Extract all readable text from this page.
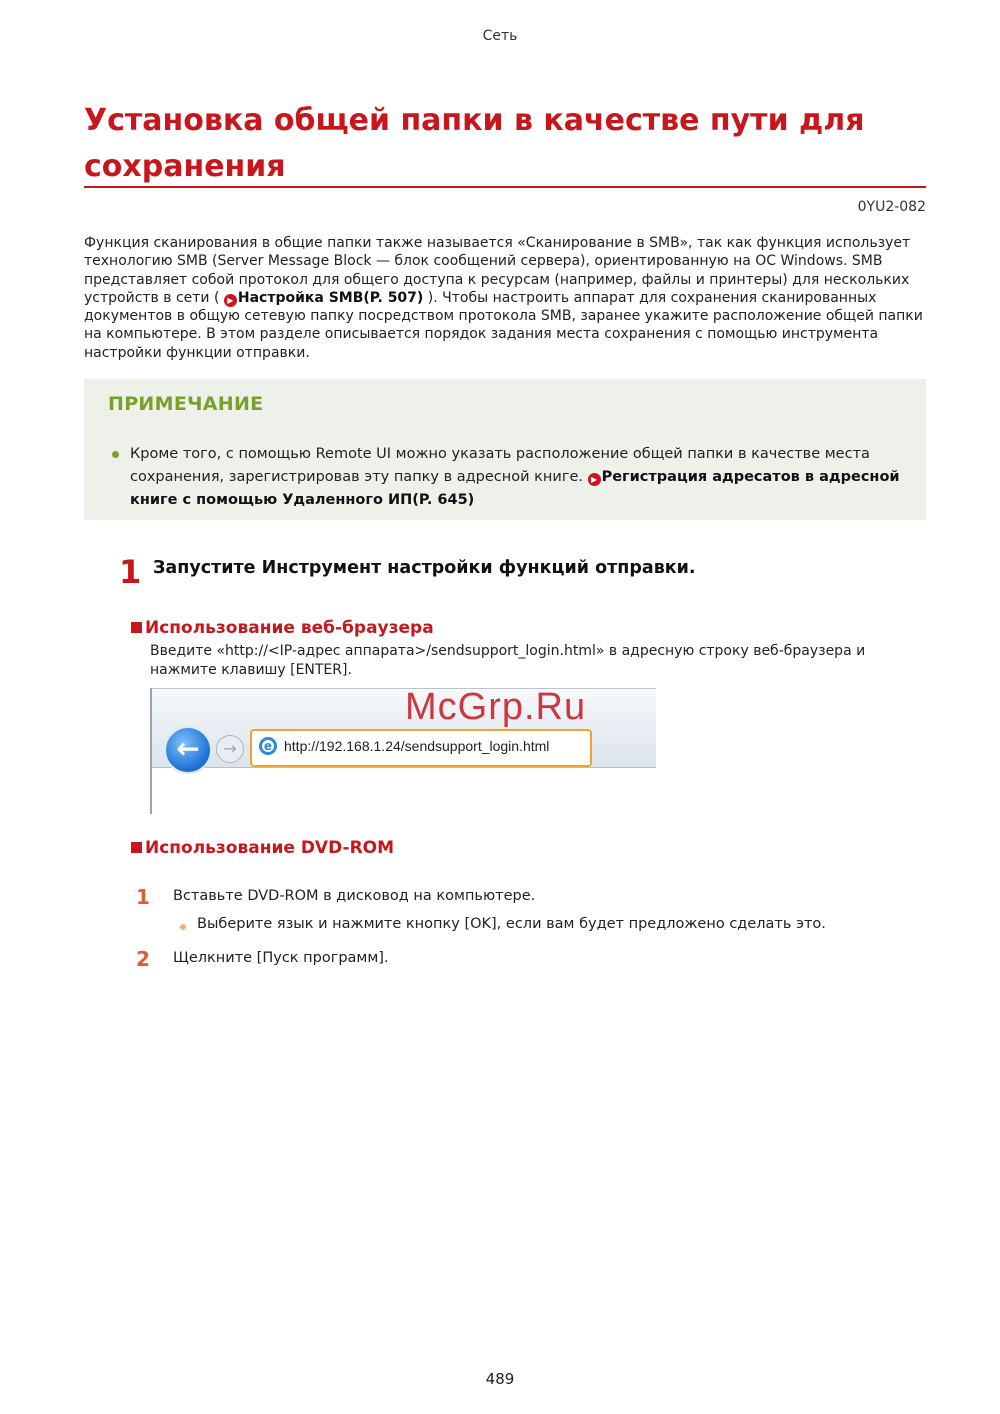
Сеть
Установка общей папки в качестве пути для
сохранения
0YU2-082

Функция сканирования в общие папки также называется «Сканирование в SMB», так как функция использует технологию SMB (Server Message Block — блок сообщений сервера), ориентированную на ОС Windows. SMB представляет собой протокол для общего доступа к ресурсам (например, файлы и принтеры) для нескольких устройств в сети ( ▶ Настройка SMB(P. 507) ). Чтобы настроить аппарат для сохранения сканированных документов в общую сетевую папку посредством протокола SMB, заранее укажите расположение общей папки на компьютере. В этом разделе описывается порядок задания места сохранения с помощью инструмента настройки функции отправки.

ПРИМЕЧАНИЕ

Кроме того, с помощью Remote UI можно указать расположение общей папки в качестве места сохранения, зарегистрировав эту папку в адресной книге. ▶ Регистрация адресатов в адресной книге с помощью Удаленного ИП(P. 645)

1 Запустите Инструмент настройки функций отправки.
Использование веб-браузера

Введите «http://<IP-адрес аппарата>/sendsupport_login.html» в адресную строку веб-браузера и нажмите клавишу [ENTER].

←	→	e http://192.168.1.24/sendsupport_login.html
McGrp.Ru
Использование DVD-ROM
1 Вставьте DVD-ROM в дисковод на компьютере.
Выберите язык и нажмите кнопку [OK], если вам будет предложено сделать это.
2 Щелкните [Пуск программ].
489
